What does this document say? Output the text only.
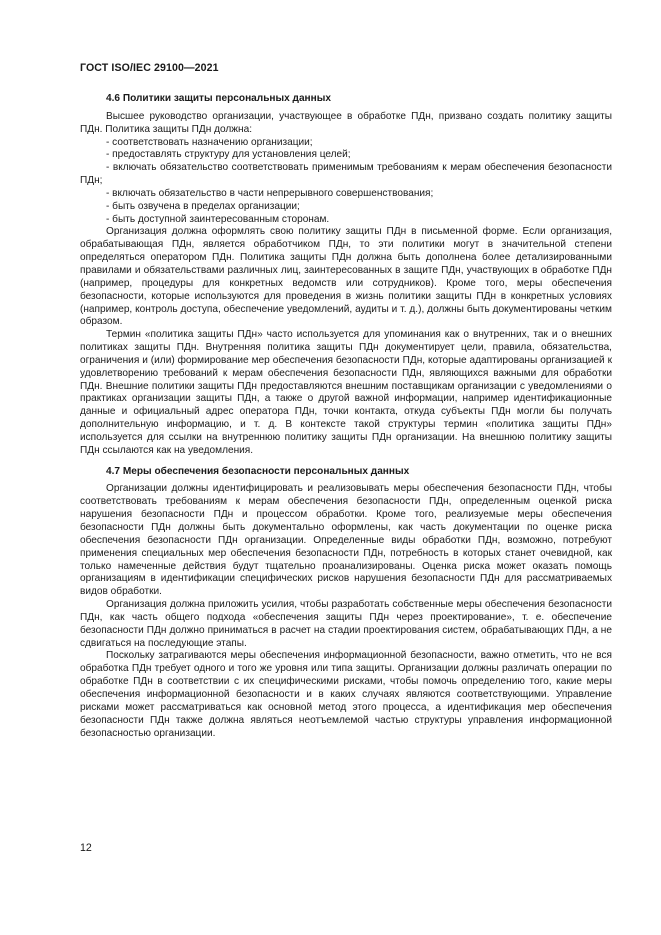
ГОСТ ISO/IEC 29100—2021
4.6 Политики защиты персональных данных

Высшее руководство организации, участвующее в обработке ПДн, призвано создать политику защиты ПДн. Политика защиты ПДн должна:

- соответствовать назначению организации;

- предоставлять структуру для установления целей;

- включать обязательство соответствовать применимым требованиям к мерам обеспечения безопасности ПДн;

- включать обязательство в части непрерывного совершенствования;

- быть озвучена в пределах организации;

- быть доступной заинтересованным сторонам.

Организация должна оформлять свою политику защиты ПДн в письменной форме. Если организация, обрабатывающая ПДн, является обработчиком ПДн, то эти политики могут в значительной степени определяться оператором ПДн. Политика защиты ПДн должна быть дополнена более детализированными правилами и обязательствами различных лиц, заинтересованных в защите ПДн, участвующих в обработке ПДн (например, процедуры для конкретных ведомств или сотрудников). Кроме того, меры обеспечения безопасности, которые используются для проведения в жизнь политики защиты ПДн в конкретных условиях (например, контроль доступа, обеспечение уведомлений, аудиты и т. д.), должны быть документированы четким образом.

Термин «политика защиты ПДн» часто используется для упоминания как о внутренних, так и о внешних политиках защиты ПДн. Внутренняя политика защиты ПДн документирует цели, правила, обязательства, ограничения и (или) формирование мер обеспечения безопасности ПДн, которые адаптированы организацией к удовлетворению требований к мерам обеспечения безопасности ПДн, являющихся важными для обработки ПДн. Внешние политики защиты ПДн предоставляются внешним поставщикам организации с уведомлениями о практиках организации защиты ПДн, а также о другой важной информации, например идентификационные данные и официальный адрес оператора ПДн, точки контакта, откуда субъекты ПДн могли бы получать дополнительную информацию, и т. д. В контексте такой структуры термин «политика защиты ПДн» используется для ссылки на внутреннюю политику защиты ПДн организации. На внешнюю политику защиты ПДн ссылаются как на уведомления.

4.7 Меры обеспечения безопасности персональных данных

Организации должны идентифицировать и реализовывать меры обеспечения безопасности ПДн, чтобы соответствовать требованиям к мерам обеспечения безопасности ПДн, определенным оценкой риска нарушения безопасности ПДн и процессом обработки. Кроме того, реализуемые меры обеспечения безопасности ПДн должны быть документально оформлены, как часть документации по оценке риска обеспечения безопасности ПДн организации. Определенные виды обработки ПДн, возможно, потребуют применения специальных мер обеспечения безопасности ПДн, потребность в которых станет очевидной, как только намеченные действия будут тщательно проанализированы. Оценка риска может оказать помощь организациям в идентификации специфических рисков нарушения безопасности ПДн для рассматриваемых видов обработки.

Организация должна приложить усилия, чтобы разработать собственные меры обеспечения безопасности ПДн, как часть общего подхода «обеспечения защиты ПДн через проектирование», т. е. обеспечение безопасности ПДн должно приниматься в расчет на стадии проектирования систем, обрабатывающих ПДн, а не сдвигаться на последующие этапы.

Поскольку затрагиваются меры обеспечения информационной безопасности, важно отметить, что не вся обработка ПДн требует одного и того же уровня или типа защиты. Организации должны различать операции по обработке ПДн в соответствии с их специфическими рисками, чтобы помочь определению того, какие меры обеспечения информационной безопасности и в каких случаях являются соответствующими. Управление рисками может рассматриваться как основной метод этого процесса, а идентификация мер обеспечения безопасности ПДн также должна являться неотъемлемой частью структуры управления информационной безопасностью организации.

12
